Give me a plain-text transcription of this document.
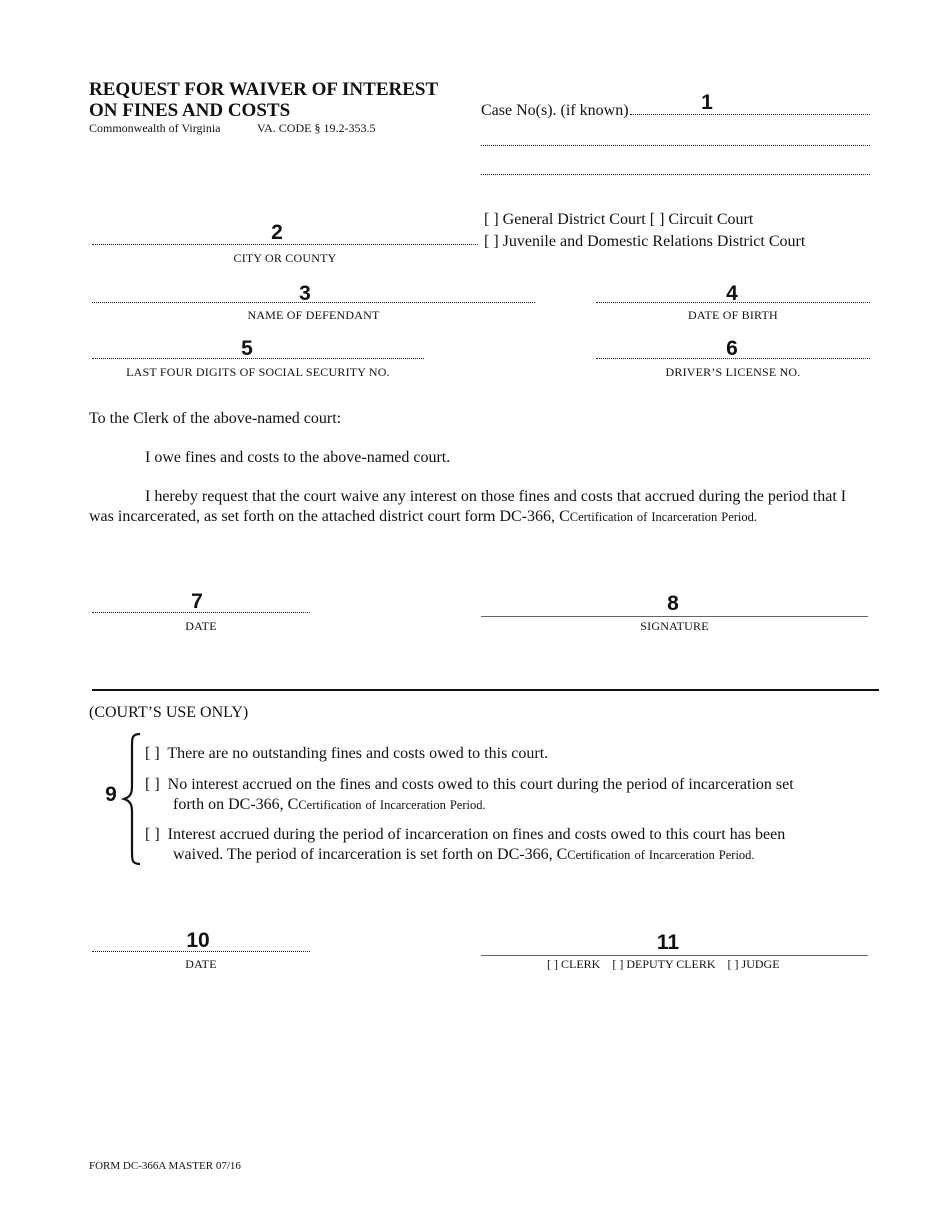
REQUEST FOR WAIVER OF INTEREST
ON FINES AND COSTS
Commonwealth of Virginia	VA. CODE § 19.2-353.5
Case No(s). (if known)	1
[ ] General District Court [ ] Circuit Court
[ ] Juvenile and Domestic Relations District Court
2
CITY OR COUNTY
3
NAME OF DEFENDANT
4
DATE OF BIRTH
5
LAST FOUR DIGITS OF SOCIAL SECURITY NO.
6
DRIVER’S LICENSE NO.
To the Clerk of the above-named court:
I owe fines and costs to the above-named court.
I hereby request that the court waive any interest on those fines and costs that accrued during the period that I was incarcerated, as set forth on the attached district court form DC-366, CCertification of Incarceration Period.
7
DATE
8
SIGNATURE
(COURT’S USE ONLY)
9
[ ]  There are no outstanding fines and costs owed to this court.
[ ]  No interest accrued on the fines and costs owed to this court during the period of incarceration set
forth on DC-366, CCertification of Incarceration Period.
[ ]  Interest accrued during the period of incarceration on fines and costs owed to this court has been
waived. The period of incarceration is set forth on DC-366, CCertification of Incarceration Period.
10
DATE
11
[ ] CLERK [ ] DEPUTY CLERK [ ] JUDGE
FORM DC-366A MASTER 07/16
